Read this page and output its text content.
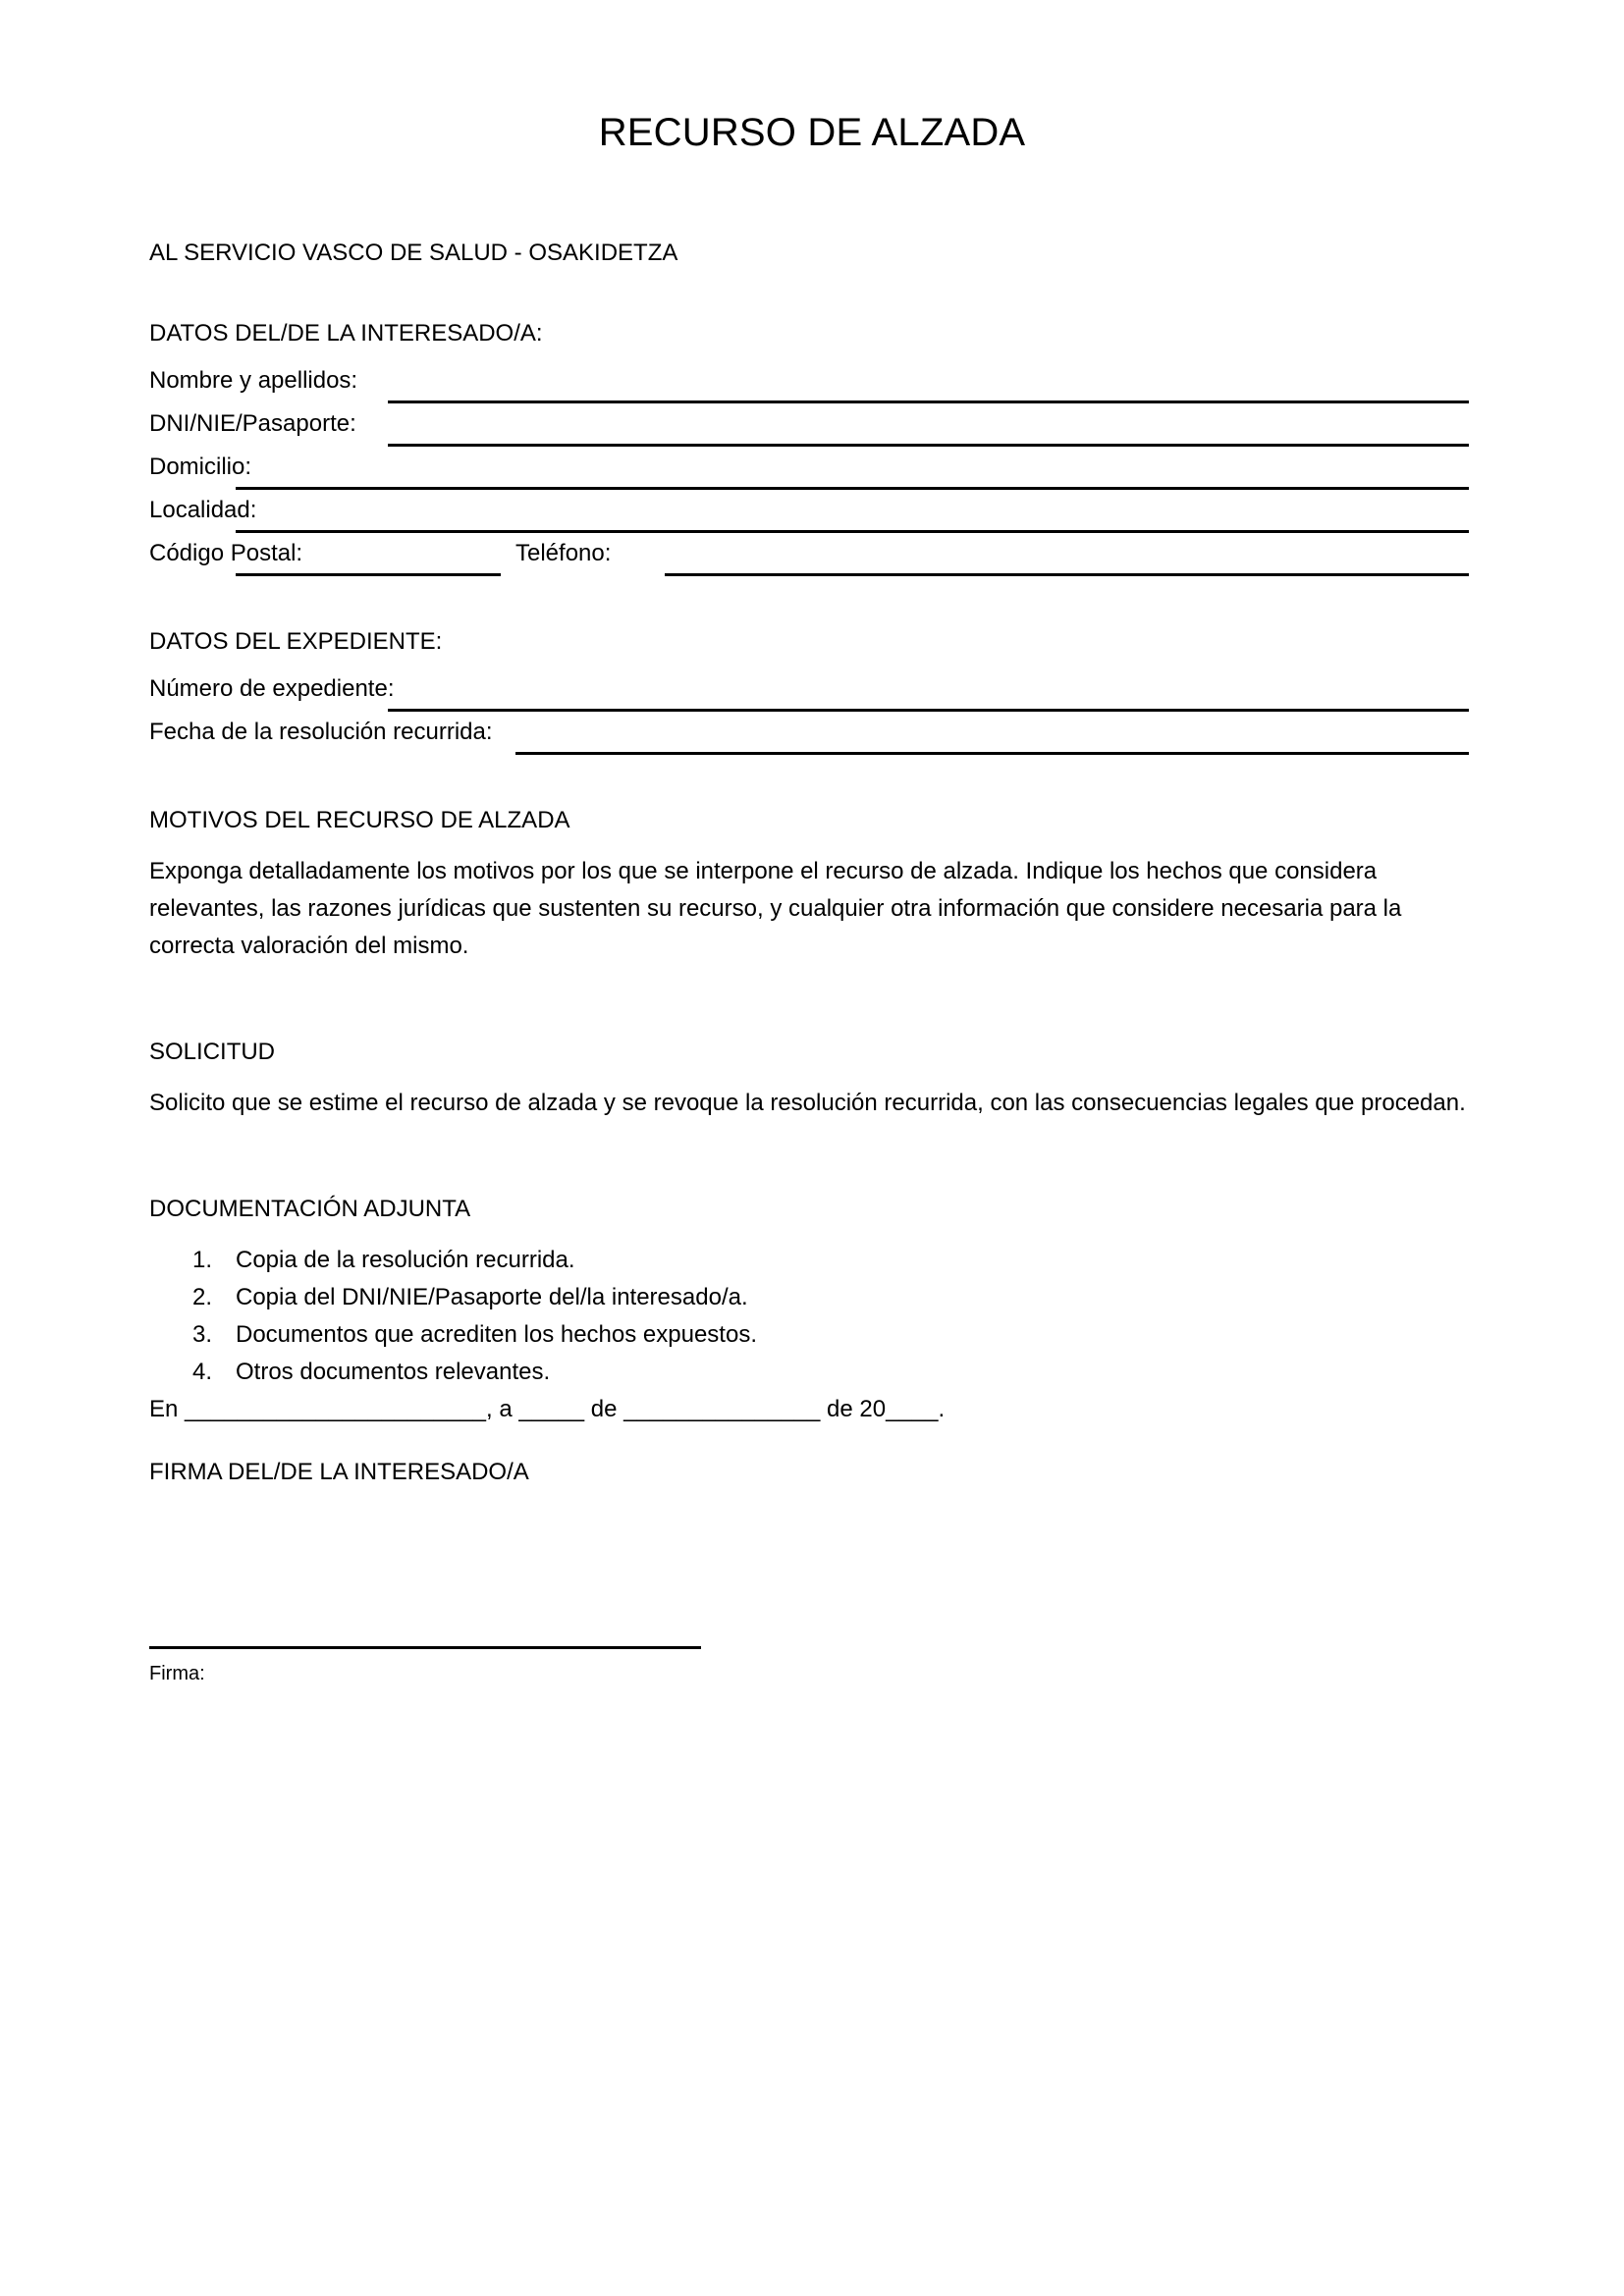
RECURSO DE ALZADA

AL SERVICIO VASCO DE SALUD - OSAKIDETZA

DATOS DEL/DE LA INTERESADO/A:

Nombre y apellidos:
DNI/NIE/Pasaporte:
Domicilio:
Localidad:
Código Postal:	Teléfono:

DATOS DEL EXPEDIENTE:

Número de expediente:
Fecha de la resolución recurrida:

MOTIVOS DEL RECURSO DE ALZADA

Exponga detalladamente los motivos por los que se interpone el recurso de alzada. Indique los hechos que considera relevantes, las razones jurídicas que sustenten su recurso, y cualquier otra información que considere necesaria para la correcta valoración del mismo.

SOLICITUD

Solicito que se estime el recurso de alzada y se revoque la resolución recurrida, con las consecuencias legales que procedan.

DOCUMENTACIÓN ADJUNTA

1. Copia de la resolución recurrida.
2. Copia del DNI/NIE/Pasaporte del/la interesado/a.
3. Documentos que acrediten los hechos expuestos.
4. Otros documentos relevantes.

En _______________________, a _____ de _______________ de 20____.

FIRMA DEL/DE LA INTERESADO/A

Firma:
